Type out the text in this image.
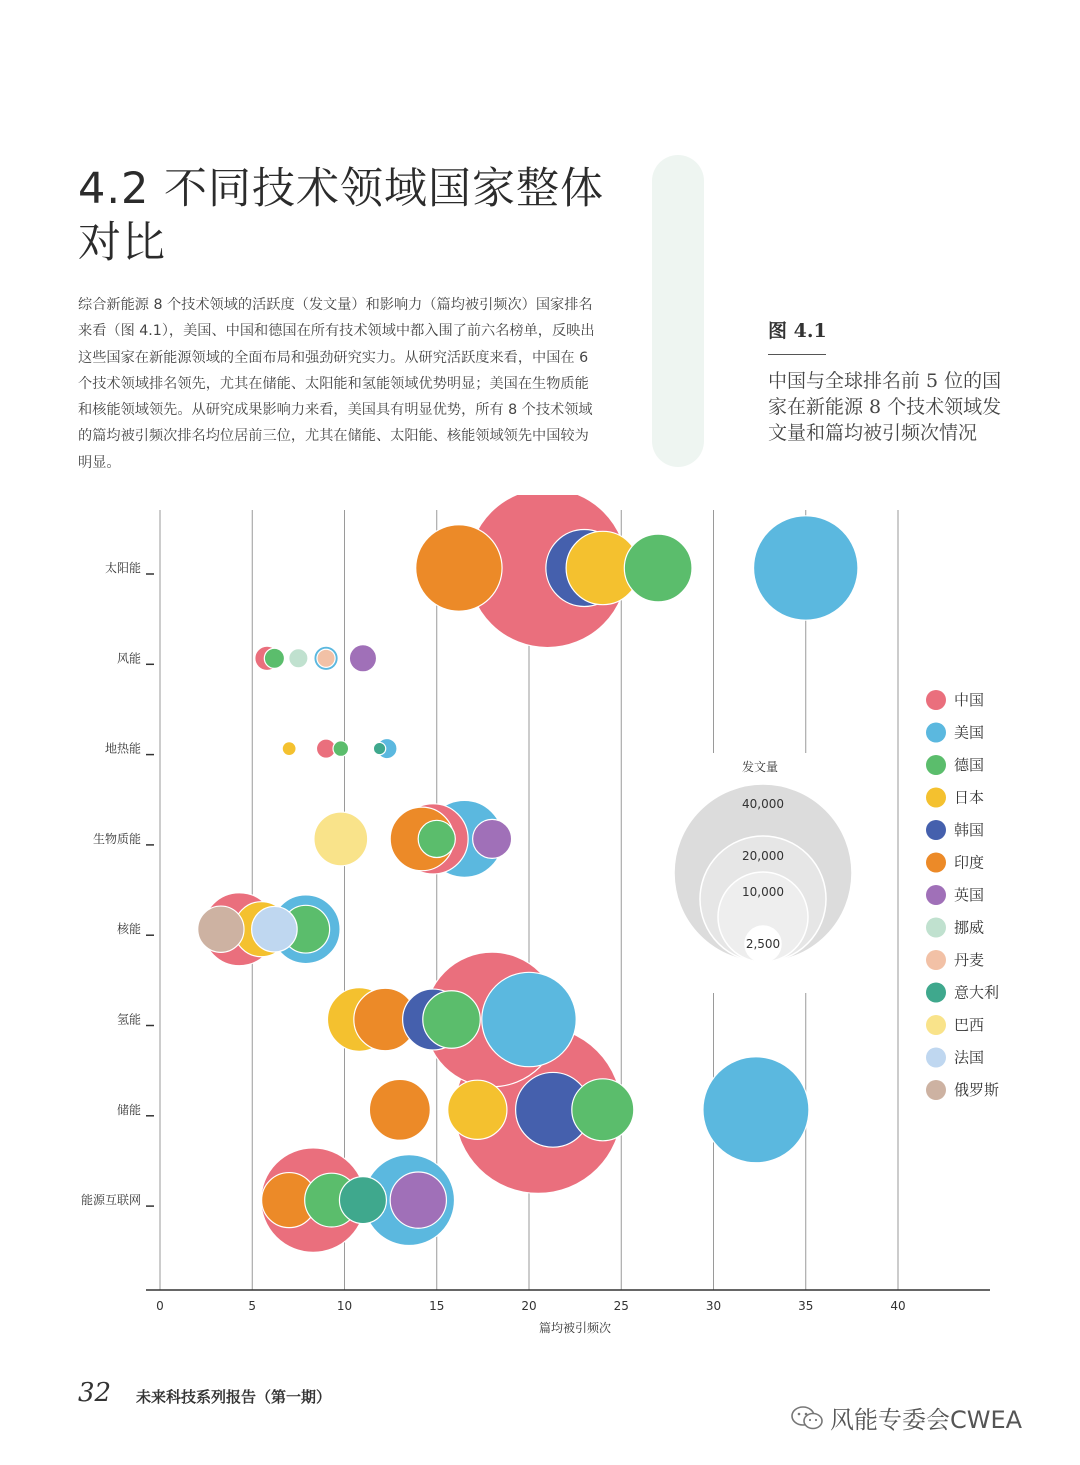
4.2 不同技术领域国家整体对比

综合新能源 8 个技术领域的活跃度（发文量）和影响力（篇均被引频次）国家排名来看（图 4.1），美国、中国和德国在所有技术领域中都入围了前六名榜单，反映出这些国家在新能源领域的全面布局和强劲研究实力。从研究活跃度来看，中国在 6 个技术领域排名领先，尤其在储能、太阳能和氢能领域优势明显；美国在生物质能和核能领域领先。从研究成果影响力来看，美国具有明显优势，所有 8 个技术领域的篇均被引频次排名均位居前三位，尤其在储能、太阳能、核能领域领先中国较为明显。

图 4.1
中国与全球排名前 5 位的国家在新能源 8 个技术领域发文量和篇均被引频次情况
太阳能
风能
地热能
生物质能
核能
氢能
储能
能源互联网
0	5	10	15	20	25	30	35	40
篇均被引频次
发文量
40,000
20,000
10,000
2,500
中国
美国
德国
日本
韩国
印度
英国
挪威
丹麦
意大利
巴西
法国
俄罗斯
32 未来科技系列报告（第一期）
风能专委会CWEA
